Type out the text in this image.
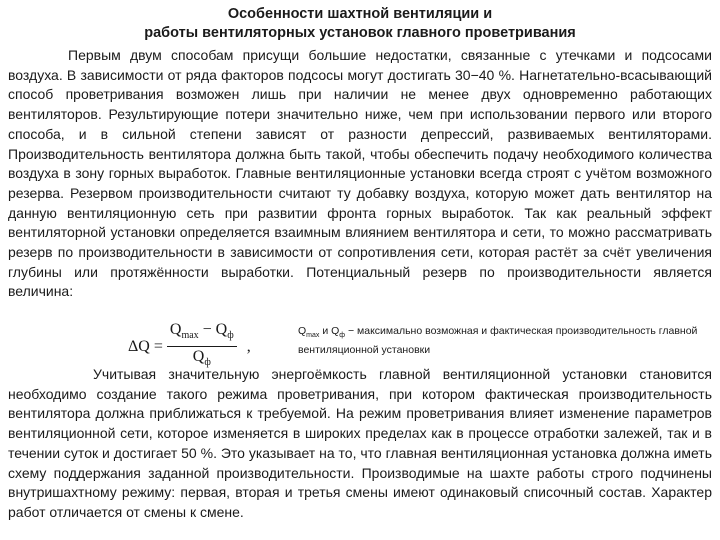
Особенности шахтной вентиляции и
работы вентиляторных установок главного проветривания

Первым двум способам присущи большие недостатки, связанные с утечками и подсосами воздуха. В зависимости от ряда факторов подсосы могут достигать 30−40 %. Нагнетательно-всасывающий способ проветривания возможен лишь при наличии не менее двух одновременно работающих вентиляторов. Результирующие потери значительно ниже, чем при использовании первого или второго способа, и в сильной степени зависят от разности депрессий, развиваемых вентиляторами. Производительность вентилятора должна быть такой, чтобы обеспечить подачу необходимого количества воздуха в зону горных выработок. Главные вентиляционные установки всегда строят с учётом возможного резерва. Резервом производительности считают ту добавку воздуха, которую может дать вентилятор на данную вентиляционную сеть при развитии фронта горных выработок. Так как реальный эффект вентиляторной установки определяется взаимным влиянием вентилятора и сети, то можно рассматривать резерв по производительности в зависимости от сопротивления сети, которая растёт за счёт увеличения глубины или протяжённости выработки. Потенциальный резерв по производительности является величина:

$\Delta Q = \frac{Q_{mах} - Q_ф}{Q_ф}$ ,
$Q_{max}$ и $Q_ф$ − максимально возможная и фактическая производительность главной вентиляционной установки

Учитывая значительную энергоёмкость главной вентиляционной установки становится необходимо создание такого режима проветривания, при котором фактическая производительность вентилятора должна приближаться к требуемой. На режим проветривания влияет изменение параметров вентиляционной сети, которое изменяется в широких пределах как в процессе отработки залежей, так и в течении суток и достигает 50 %. Это указывает на то, что главная вентиляционная установка должна иметь схему поддержания заданной производительности. Производимые на шахте работы строго подчинены внутришахтному режиму: первая, вторая и третья смены имеют одинаковый списочный состав. Характер работ отличается от смены к смене.
